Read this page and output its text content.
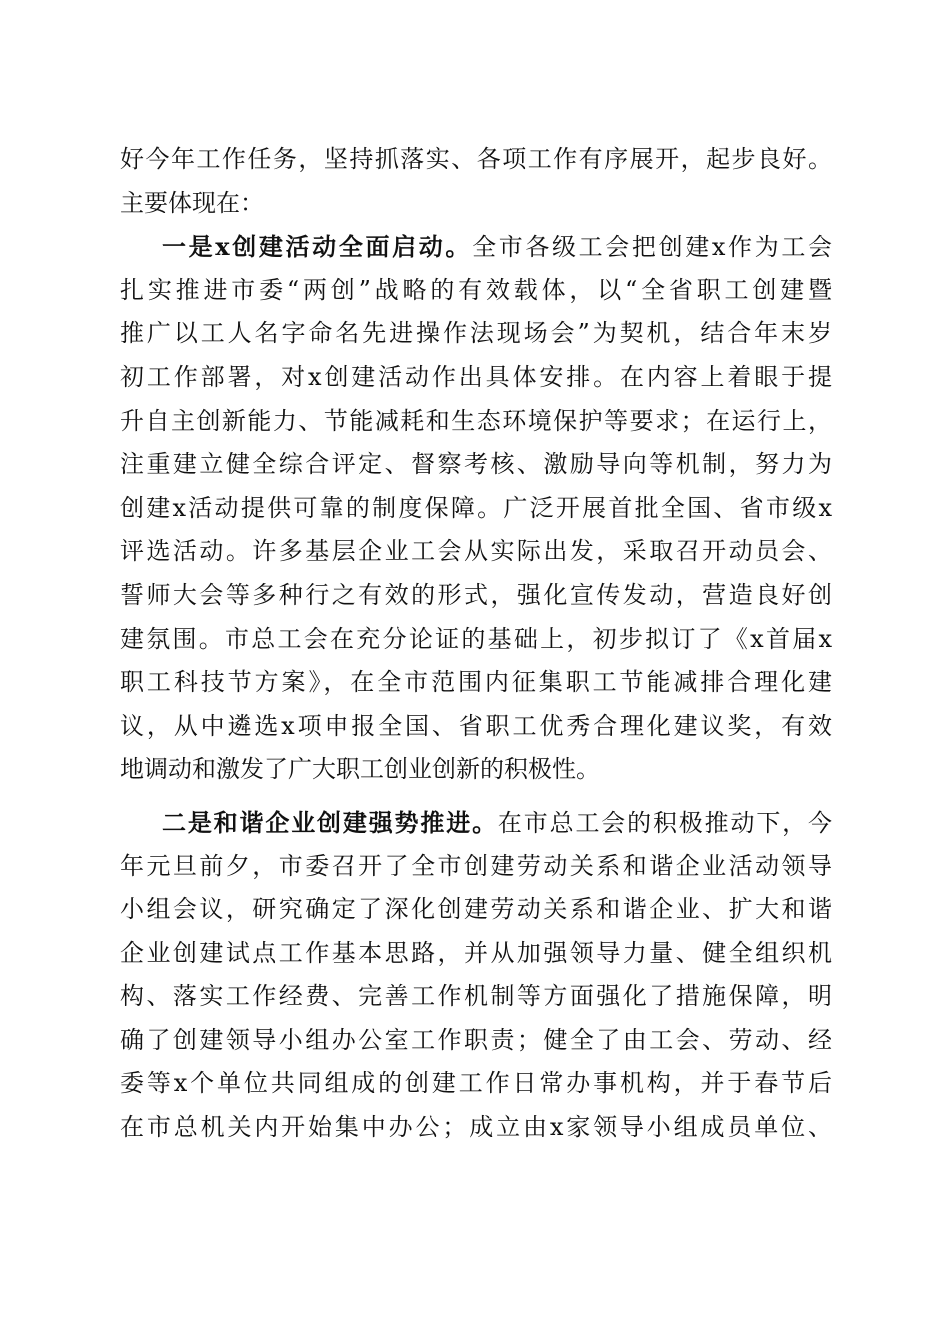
好今年工作任务，坚持抓落实、各项工作有序展开，起步良好。
主要体现在：
一是x创建活动全面启动。全市各级工会把创建x作为工会
扎实推进市委“两创”战略的有效载体，以“全省职工创建暨
推广以工人名字命名先进操作法现场会”为契机，结合年末岁
初工作部署，对x创建活动作出具体安排。在内容上着眼于提
升自主创新能力、节能减耗和生态环境保护等要求；在运行上，
注重建立健全综合评定、督察考核、激励导向等机制，努力为
创建x活动提供可靠的制度保障。广泛开展首批全国、省市级x
评选活动。许多基层企业工会从实际出发，采取召开动员会、
誓师大会等多种行之有效的形式，强化宣传发动，营造良好创
建氛围。市总工会在充分论证的基础上，初步拟订了《x首届x
职工科技节方案》，在全市范围内征集职工节能减排合理化建
议，从中遴选x项申报全国、省职工优秀合理化建议奖，有效
地调动和激发了广大职工创业创新的积极性。
二是和谐企业创建强势推进。在市总工会的积极推动下，今
年元旦前夕，市委召开了全市创建劳动关系和谐企业活动领导
小组会议，研究确定了深化创建劳动关系和谐企业、扩大和谐
企业创建试点工作基本思路，并从加强领导力量、健全组织机
构、落实工作经费、完善工作机制等方面强化了措施保障，明
确了创建领导小组办公室工作职责；健全了由工会、劳动、经
委等x个单位共同组成的创建工作日常办事机构，并于春节后
在市总机关内开始集中办公；成立由x家领导小组成员单位、
